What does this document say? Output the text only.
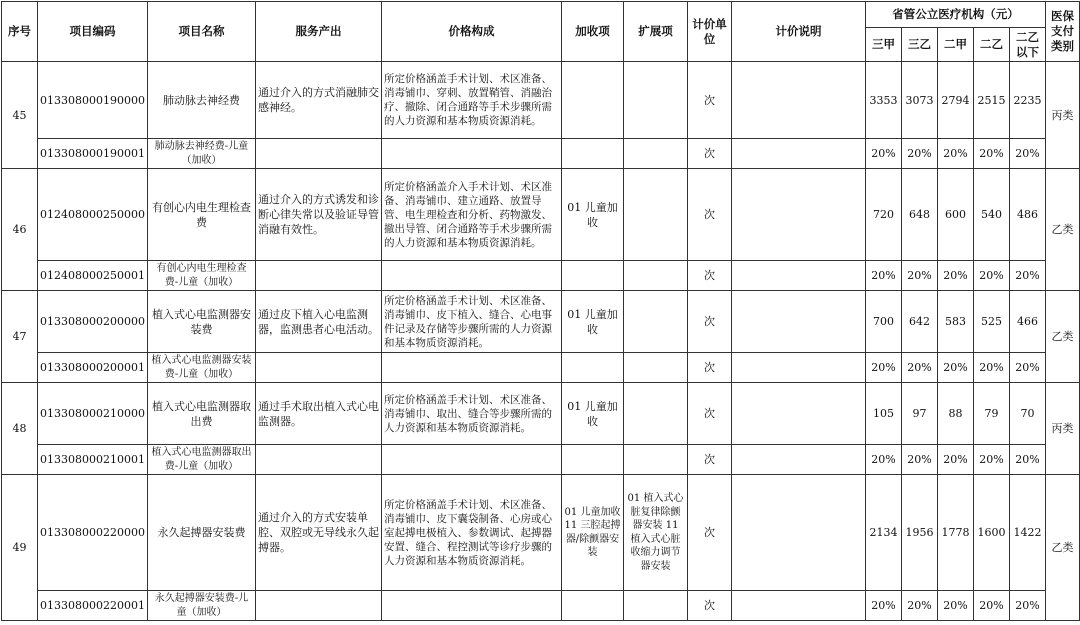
序号	项目编码	项目名称	服务产出	价格构成	加收项	扩展项	计价单位	计价说明	省管公立医疗机构（元）					医保支付类别
									三甲	三乙	二甲	二乙	二乙以下	
45	013308000190000	肺动脉去神经费	通过介入的方式消融肺交感神经。	所定价格涵盖手术计划、术区准备、消毒铺巾、穿刺、放置鞘管、消融治疗、撤除、闭合通路等手术步骤所需的人力资源和基本物质资源消耗。			次		3353	3073	2794	2515	2235	丙类
	013308000190001	肺动脉去神经费-儿童（加收）					次		20%	20%	20%	20%	20%	
46	012408000250000	有创心内电生理检查费	通过介入的方式诱发和诊断心律失常以及验证导管消融有效性。	所定价格涵盖介入手术计划、术区准备、消毒铺巾、建立通路、放置导管、电生理检查和分析、药物激发、撤出导管、闭合通路等手术步骤所需的人力资源和基本物质资源消耗。	01 儿童加收		次		720	648	600	540	486	乙类
	012408000250001	有创心内电生理检查费-儿童（加收）					次		20%	20%	20%	20%	20%	
47	013308000200000	植入式心电监测器安装费	通过皮下植入心电监测器，监测患者心电活动。	所定价格涵盖手术计划、术区准备、消毒铺巾、皮下植入、缝合、心电事件记录及存储等步骤所需的人力资源和基本物质资源消耗。	01 儿童加收		次		700	642	583	525	466	乙类
	013308000200001	植入式心电监测器安装费-儿童（加收）					次		20%	20%	20%	20%	20%	
48	013308000210000	植入式心电监测器取出费	通过手术取出植入式心电监测器。	所定价格涵盖手术计划、术区准备、消毒铺巾、取出、缝合等步骤所需的人力资源和基本物质资源消耗。	01 儿童加收		次		105	97	88	79	70	丙类
	013308000210001	植入式心电监测器取出费-儿童（加收）					次		20%	20%	20%	20%	20%	
49	013308000220000	永久起搏器安装费	通过介入的方式安装单腔、双腔或无导线永久起搏器。	所定价格涵盖手术计划、术区准备、消毒铺巾、皮下囊袋制备、心房或心室起搏电极植入、参数调试、起搏器安置、缝合、程控测试等诊疗步骤的人力资源和基本物质资源消耗。	01 儿童加收 11 三腔起搏器/除颤器安装	01 植入式心脏复律除颤器安装 11 植入式心脏收缩力调节器安装	次		2134	1956	1778	1600	1422	乙类
	013308000220001	永久起搏器安装费-儿童（加收）					次		20%	20%	20%	20%	20%	
